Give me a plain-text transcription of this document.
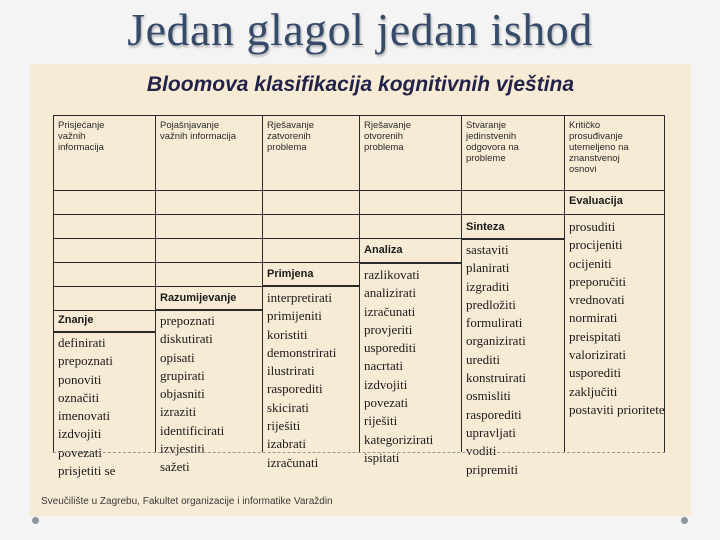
Jedan glagol jedan ishod
Bloomova klasifikacija kognitivnih vještina
Sveučilište u Zagrebu, Fakultet organizacije i informatike Varaždin
Prisjećanje
važnih
informacija
Pojašnjavanje
važnih informacija
Rješavanje
zatvorenih
problema
Rješavanje
otvorenih
problema
Stvaranje
jedinstvenih
odgovora na
probleme
Kritičko
prosuđivanje
utemeljeno na
znanstvenoj
osnovi
Evaluacija
Sinteza
Analiza
Primjena
Razumijevanje
Znanje
definirati
prepoznati
ponoviti
označiti
imenovati
izdvojiti
povezati
prisjetiti se
prepoznati
diskutirati
opisati
grupirati
objasniti
izraziti
identificirati
izvjestiti
sažeti
interpretirati
primijeniti
koristiti
demonstrirati
ilustrirati
rasporediti
skicirati
riješiti
izabrati
izračunati
razlikovati
analizirati
izračunati
provjeriti
usporediti
nacrtati
izdvojiti
povezati
riješiti
kategorizirati
ispitati
sastaviti
planirati
izgraditi
predložiti
formulirati
organizirati
urediti
konstruirati
osmisliti
rasporediti
upravljati
voditi
pripremiti
prosuditi
procijeniti
ocijeniti
preporučiti
vrednovati
normirati
preispitati
valorizirati
usporediti
zaključiti
postaviti prioritete
